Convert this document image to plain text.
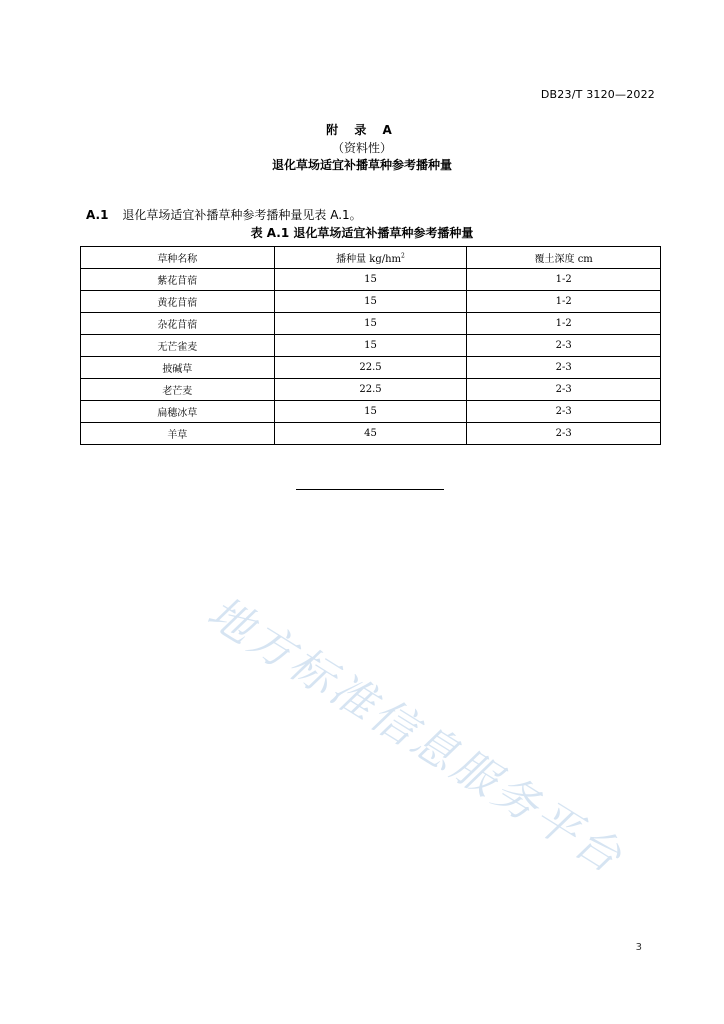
DB23/T 3120—2022
附 录 A
（资料性）
退化草场适宜补播草种参考播种量
A.1 退化草场适宜补播草种参考播种量见表 A.1。
表 A.1 退化草场适宜补播草种参考播种量
草种名称	播种量 $kg/hm^2$	覆土深度 cm
紫花苜蓿	15	1-2
黄花苜蓿	15	1-2
杂花苜蓿	15	1-2
无芒雀麦	15	2-3
披碱草	22.5	2-3
老芒麦	22.5	2-3
扁穗冰草	15	2-3
羊草	45	2-3
地方标准信息服务平台
3
